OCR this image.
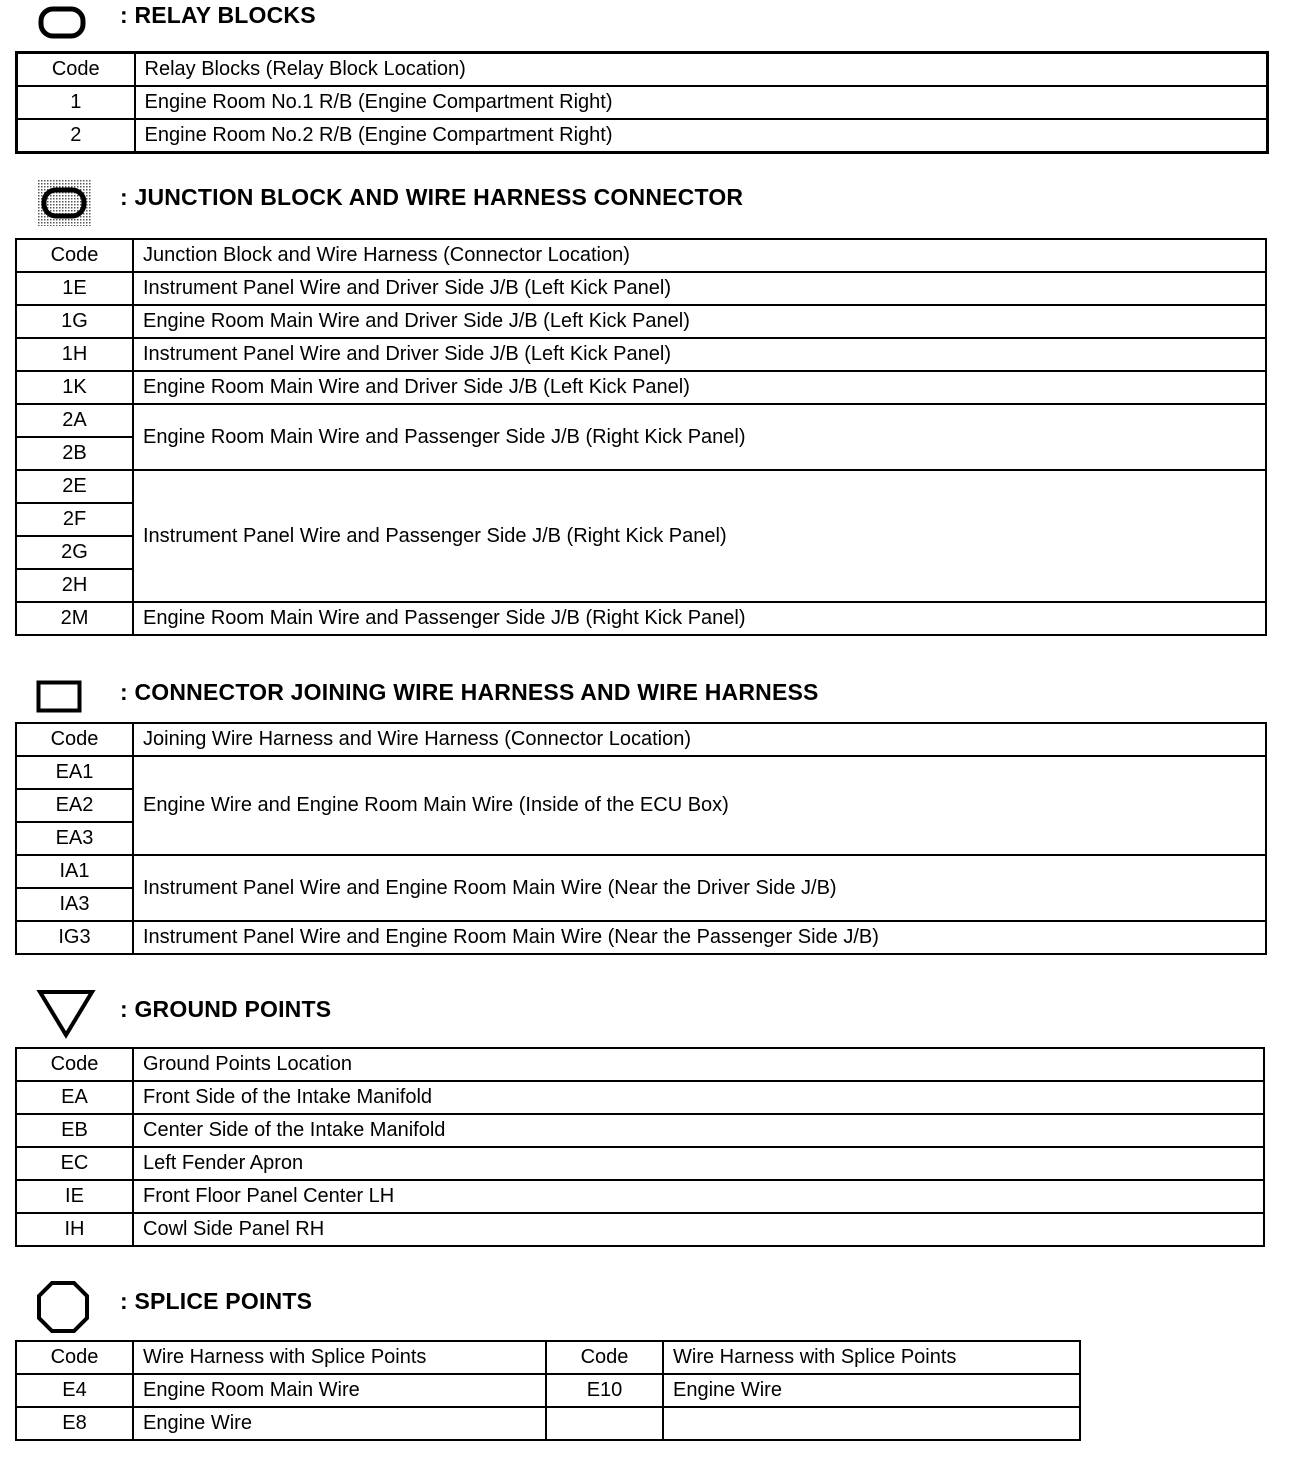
: RELAY BLOCKS
Code	Relay Blocks (Relay Block Location)
1	Engine Room No.1 R/B (Engine Compartment Right)
2	Engine Room No.2 R/B (Engine Compartment Right)
: JUNCTION BLOCK AND WIRE HARNESS CONNECTOR
Code	Junction Block and Wire Harness (Connector Location)
1E	Instrument Panel Wire and Driver Side J/B (Left Kick Panel)
1G	Engine Room Main Wire and Driver Side J/B (Left Kick Panel)
1H	Instrument Panel Wire and Driver Side J/B (Left Kick Panel)
1K	Engine Room Main Wire and Driver Side J/B (Left Kick Panel)
2A	Engine Room Main Wire and Passenger Side J/B (Right Kick Panel)
2B	
2E	Instrument Panel Wire and Passenger Side J/B (Right Kick Panel)
2F	
2G	
2H	
2M	Engine Room Main Wire and Passenger Side J/B (Right Kick Panel)
: CONNECTOR JOINING WIRE HARNESS AND WIRE HARNESS
Code	Joining Wire Harness and Wire Harness (Connector Location)
EA1	Engine Wire and Engine Room Main Wire (Inside of the ECU Box)
EA2	
EA3	
IA1	Instrument Panel Wire and Engine Room Main Wire (Near the Driver Side J/B)
IA3	
IG3	Instrument Panel Wire and Engine Room Main Wire (Near the Passenger Side J/B)
: GROUND POINTS
Code	Ground Points Location
EA	Front Side of the Intake Manifold
EB	Center Side of the Intake Manifold
EC	Left Fender Apron
IE	Front Floor Panel Center LH
IH	Cowl Side Panel RH
: SPLICE POINTS
Code	Wire Harness with Splice Points	Code	Wire Harness with Splice Points
E4	Engine Room Main Wire	E10	Engine Wire
E8	Engine Wire		
